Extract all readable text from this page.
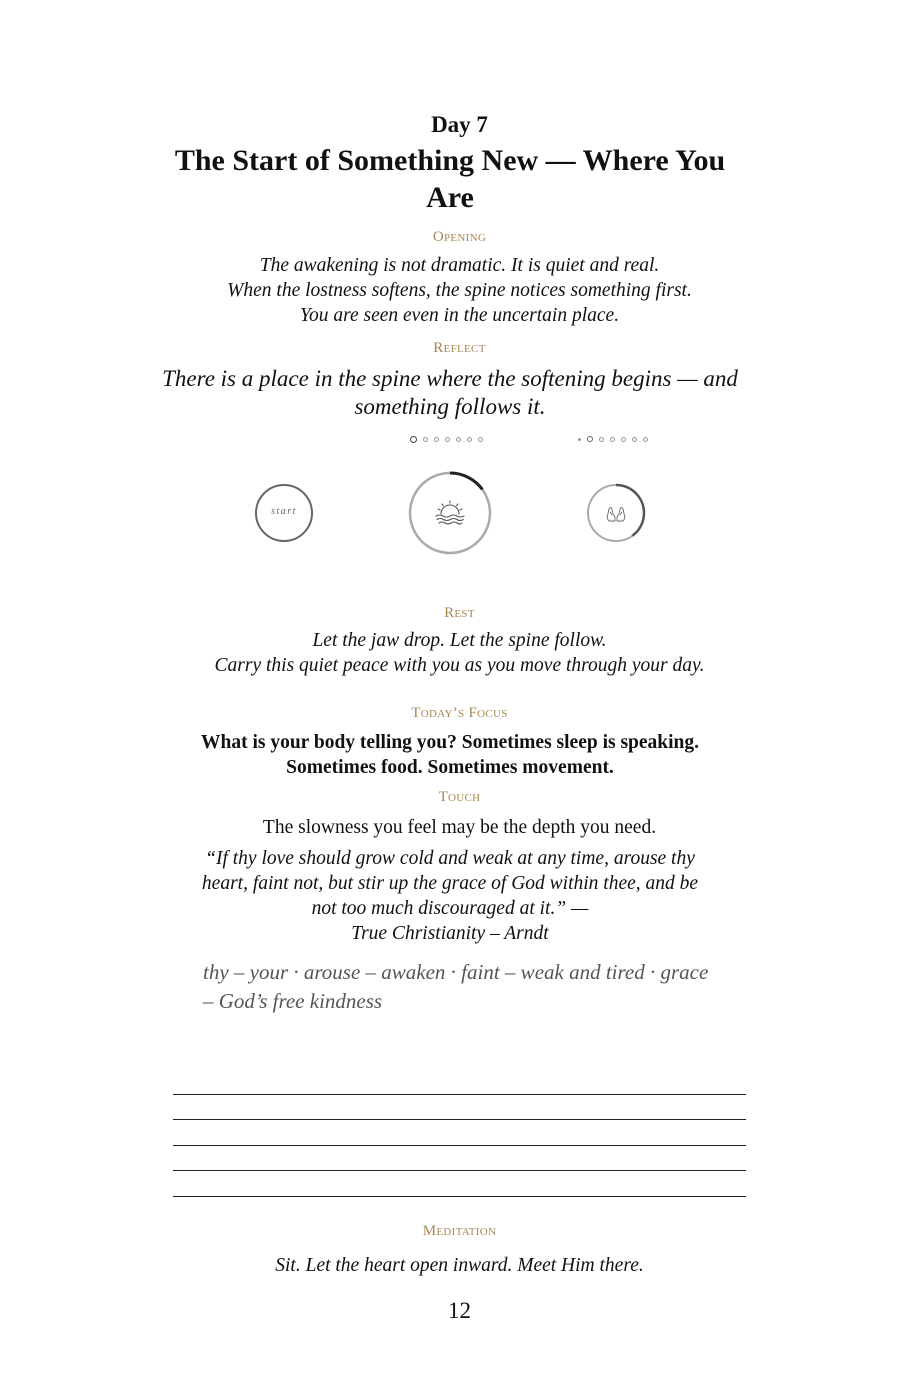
Day 7
The Start of Something New — Where You Are
Opening
The awakening is not dramatic. It is quiet and real.
When the lostness softens, the spine notices something first.
You are seen even in the uncertain place.
Reflect
There is a place in the spine where the softening begins — and something follows it.
start
Rest
Let the jaw drop. Let the spine follow.
Carry this quiet peace with you as you move through your day.
Today’s Focus
What is your body telling you? Sometimes sleep is speaking. Sometimes food. Sometimes movement.
Touch
The slowness you feel may be the depth you need.
“If thy love should grow cold and weak at any time, arouse thy heart, faint not, but stir up the grace of God within thee, and be not too much discouraged at it.” —
True Christianity – Arndt
thy – your · arouse – awaken · faint – weak and tired · grace – God’s free kindness
Meditation
Sit. Let the heart open inward. Meet Him there.
12
